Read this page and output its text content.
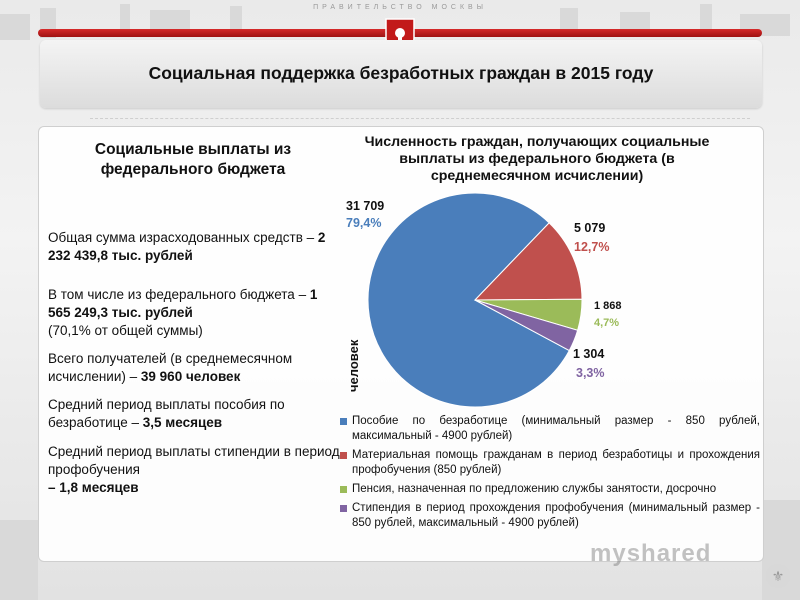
ПРАВИТЕЛЬСТВО МОСКВЫ
Социальная поддержка безработных граждан в 2015 году
Социальные выплаты из федерального бюджета
Общая сумма израсходованных средств – 2 232 439,8 тыс. рублей
В том числе из федерального бюджета – 1 565 249,3 тыс. рублей
(70,1% от общей суммы)
Всего получателей (в среднемесячном исчислении) – 39 960 человек
Средний период выплаты пособия по безработице – 3,5 месяцев
Средний период выплаты стипендии в период профобучения
– 1,8 месяцев
Численность граждан, получающих социальные выплаты из федерального бюджета (в среднемесячном исчислении)
31 709
79,4%	5 079
12,7%
1 868
4,7%
1 304
3,3%
человек
Пособие по безработице (минимальный размер - 850 рублей, максимальный - 4900 рублей)
Материальная помощь гражданам в период безработицы и прохождения профобучения (850 рублей)
Пенсия, назначенная по предложению службы занятости, досрочно
Стипендия в период прохождения профобучения (минимальный размер - 850 рублей, максимальный - 4900 рублей)
myshared
⚜
